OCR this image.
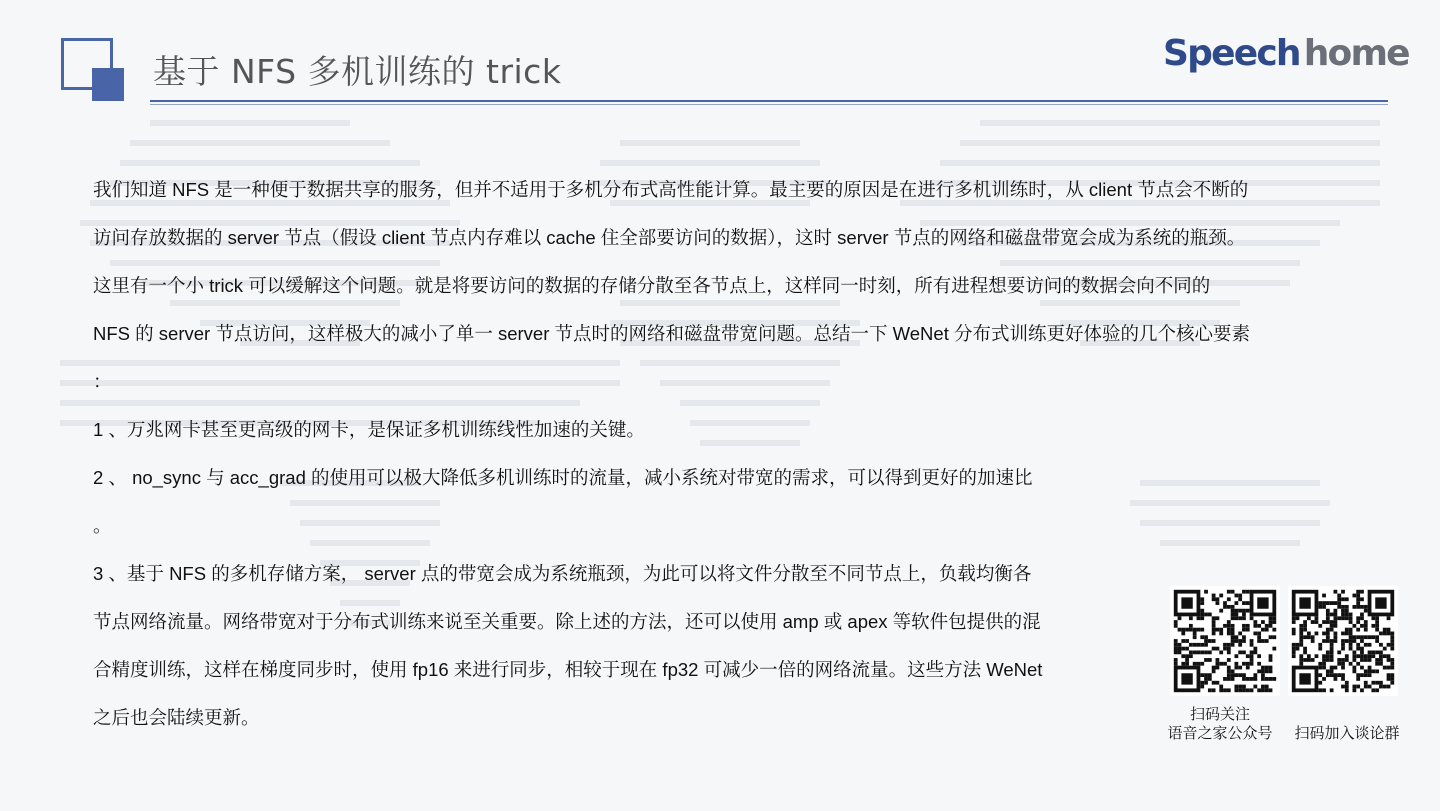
基于 NFS 多机训练的 trick	Speech home
我们知道 NFS 是一种便于数据共享的服务，但并不适用于多机分布式高性能计算。最主要的原因是在进行多机训练时，从 client 节点会不断的
访问存放数据的 server 节点（假设 client 节点内存难以 cache 住全部要访问的数据），这时 server 节点的网络和磁盘带宽会成为系统的瓶颈。
这里有一个小 trick 可以缓解这个问题。就是将要访问的数据的存储分散至各节点上，这样同一时刻，所有进程想要访问的数据会向不同的
NFS 的 server 节点访问，这样极大的减小了单一 server 节点时的网络和磁盘带宽问题。总结一下 WeNet 分布式训练更好体验的几个核心要素
：
1 、万兆网卡甚至更高级的网卡，是保证多机训练线性加速的关键。
2 、 no_sync 与 acc_grad 的使用可以极大降低多机训练时的流量，减小系统对带宽的需求，可以得到更好的加速比
。
3 、基于 NFS 的多机存储方案， server 点的带宽会成为系统瓶颈，为此可以将文件分散至不同节点上，负载均衡各
节点网络流量。网络带宽对于分布式训练来说至关重要。除上述的方法，还可以使用 amp 或 apex 等软件包提供的混
合精度训练，这样在梯度同步时，使用 fp16 来进行同步，相较于现在 fp32 可减少一倍的网络流量。这些方法 WeNet
之后也会陆续更新。	扫码关注
语音之家公众号	扫码加入谈论群
